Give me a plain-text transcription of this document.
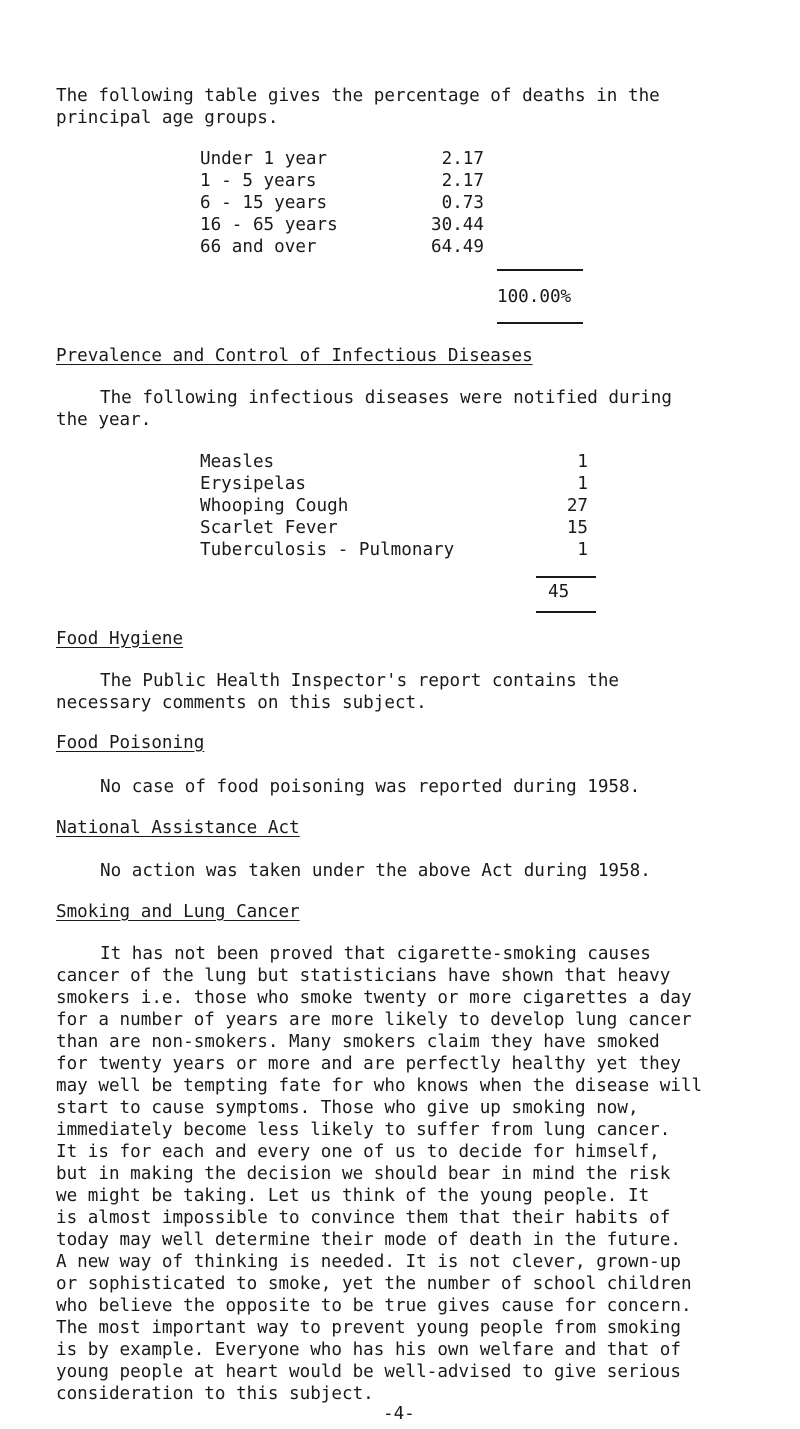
The following table gives the percentage of deaths in the
principal age groups.
Under 1 year	2.17
1 - 5 years	2.17
6 - 15 years	0.73
16 - 65 years	30.44
66 and over	64.49
100.00%
Prevalence and Control of Infectious Diseases
The following infectious diseases were notified during
the year.
Measles	1
Erysipelas	1
Whooping Cough	27
Scarlet Fever	15
Tuberculosis - Pulmonary	1
45
Food Hygiene
The Public Health Inspector's report contains the
necessary comments on this subject.
Food Poisoning
No case of food poisoning was reported during 1958.
National Assistance Act
No action was taken under the above Act during 1958.
Smoking and Lung Cancer
It has not been proved that cigarette-smoking causes
cancer of the lung but statisticians have shown that heavy
smokers i.e. those who smoke twenty or more cigarettes a day
for a number of years are more likely to develop lung cancer
than are non-smokers. Many smokers claim they have smoked
for twenty years or more and are perfectly healthy yet they
may well be tempting fate for who knows when the disease will
start to cause symptoms. Those who give up smoking now,
immediately become less likely to suffer from lung cancer.
It is for each and every one of us to decide for himself,
but in making the decision we should bear in mind the risk
we might be taking. Let us think of the young people. It
is almost impossible to convince them that their habits of
today may well determine their mode of death in the future.
A new way of thinking is needed. It is not clever, grown-up
or sophisticated to smoke, yet the number of school children
who believe the opposite to be true gives cause for concern.
The most important way to prevent young people from smoking
is by example. Everyone who has his own welfare and that of
young people at heart would be well-advised to give serious
consideration to this subject.
-4-
